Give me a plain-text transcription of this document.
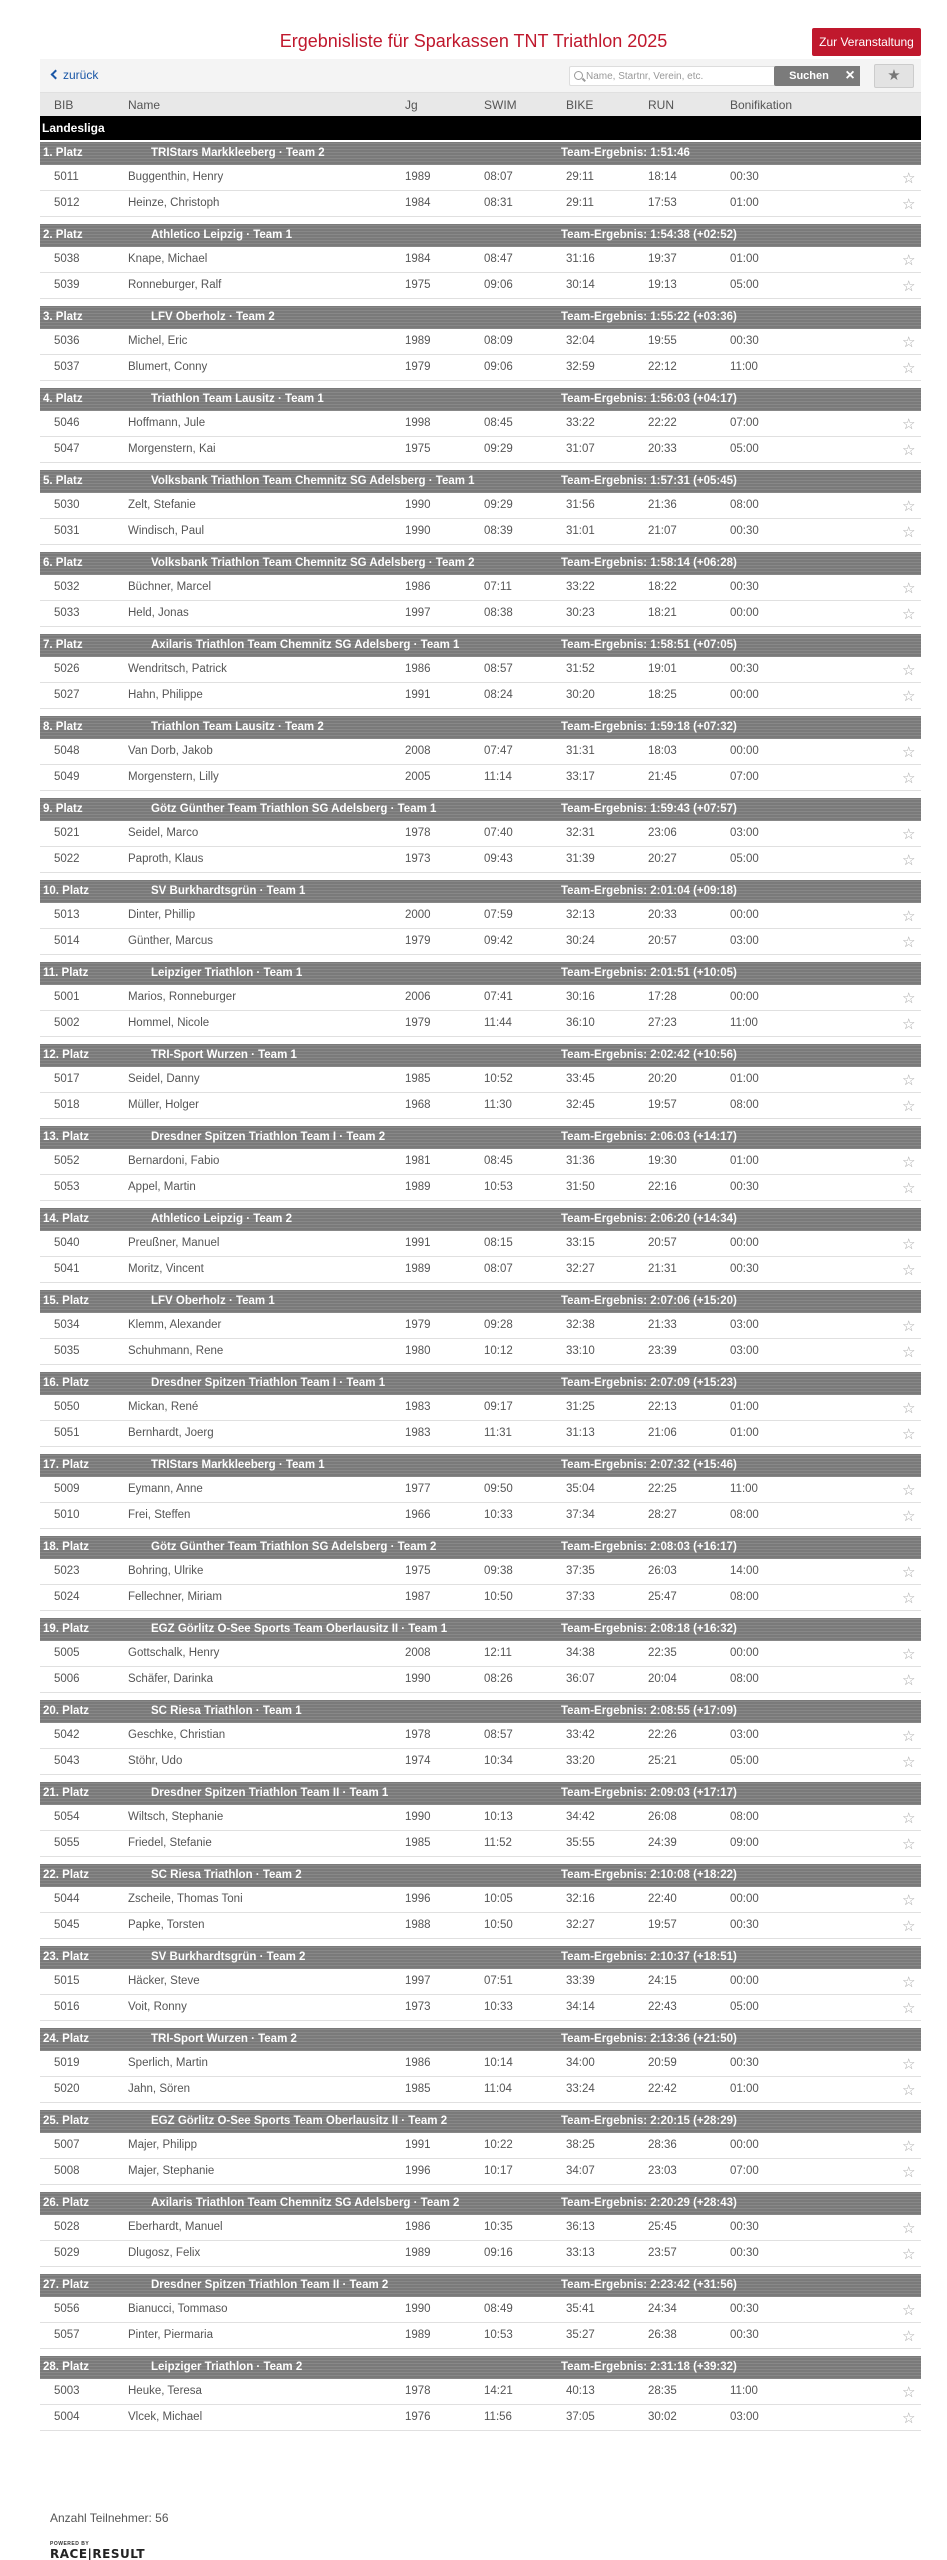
Ergebnisliste für Sparkassen TNT Triathlon 2025	Zur Veranstaltung
zurück
Name, Startnr, Verein, etc. suchen	Suchen	×	★
BIB	Name	Jg	SWIM	BIKE	RUN	Bonifikation
Landesliga
1. Platz	TRIStars Markkleeberg · Team 2	Team-Ergebnis: 1:51:46
5011	Buggenthin, Henry	1989	08:07	29:11	18:14	00:30	☆
5012	Heinze, Christoph	1984	08:31	29:11	17:53	01:00	☆
2. Platz	Athletico Leipzig · Team 1	Team-Ergebnis: 1:54:38 (+02:52)
5038	Knape, Michael	1984	08:47	31:16	19:37	01:00	☆
5039	Ronneburger, Ralf	1975	09:06	30:14	19:13	05:00	☆
3. Platz	LFV Oberholz · Team 2	Team-Ergebnis: 1:55:22 (+03:36)
5036	Michel, Eric	1989	08:09	32:04	19:55	00:30	☆
5037	Blumert, Conny	1979	09:06	32:59	22:12	11:00	☆
4. Platz	Triathlon Team Lausitz · Team 1	Team-Ergebnis: 1:56:03 (+04:17)
5046	Hoffmann, Jule	1998	08:45	33:22	22:22	07:00	☆
5047	Morgenstern, Kai	1975	09:29	31:07	20:33	05:00	☆
5. Platz	Volksbank Triathlon Team Chemnitz SG Adelsberg · Team 1	Team-Ergebnis: 1:57:31 (+05:45)
5030	Zelt, Stefanie	1990	09:29	31:56	21:36	08:00	☆
5031	Windisch, Paul	1990	08:39	31:01	21:07	00:30	☆
6. Platz	Volksbank Triathlon Team Chemnitz SG Adelsberg · Team 2	Team-Ergebnis: 1:58:14 (+06:28)
5032	Büchner, Marcel	1986	07:11	33:22	18:22	00:30	☆
5033	Held, Jonas	1997	08:38	30:23	18:21	00:00	☆
7. Platz	Axilaris Triathlon Team Chemnitz SG Adelsberg · Team 1	Team-Ergebnis: 1:58:51 (+07:05)
5026	Wendritsch, Patrick	1986	08:57	31:52	19:01	00:30	☆
5027	Hahn, Philippe	1991	08:24	30:20	18:25	00:00	☆
8. Platz	Triathlon Team Lausitz · Team 2	Team-Ergebnis: 1:59:18 (+07:32)
5048	Van Dorb, Jakob	2008	07:47	31:31	18:03	00:00	☆
5049	Morgenstern, Lilly	2005	11:14	33:17	21:45	07:00	☆
9. Platz	Götz Günther Team Triathlon SG Adelsberg · Team 1	Team-Ergebnis: 1:59:43 (+07:57)
5021	Seidel, Marco	1978	07:40	32:31	23:06	03:00	☆
5022	Paproth, Klaus	1973	09:43	31:39	20:27	05:00	☆
10. Platz	SV Burkhardtsgrün · Team 1	Team-Ergebnis: 2:01:04 (+09:18)
5013	Dinter, Phillip	2000	07:59	32:13	20:33	00:00	☆
5014	Günther, Marcus	1979	09:42	30:24	20:57	03:00	☆
11. Platz	Leipziger Triathlon · Team 1	Team-Ergebnis: 2:01:51 (+10:05)
5001	Marios, Ronneburger	2006	07:41	30:16	17:28	00:00	☆
5002	Hommel, Nicole	1979	11:44	36:10	27:23	11:00	☆
12. Platz	TRI-Sport Wurzen · Team 1	Team-Ergebnis: 2:02:42 (+10:56)
5017	Seidel, Danny	1985	10:52	33:45	20:20	01:00	☆
5018	Müller, Holger	1968	11:30	32:45	19:57	08:00	☆
13. Platz	Dresdner Spitzen Triathlon Team I · Team 2	Team-Ergebnis: 2:06:03 (+14:17)
5052	Bernardoni, Fabio	1981	08:45	31:36	19:30	01:00	☆
5053	Appel, Martin	1989	10:53	31:50	22:16	00:30	☆
14. Platz	Athletico Leipzig · Team 2	Team-Ergebnis: 2:06:20 (+14:34)
5040	Preußner, Manuel	1991	08:15	33:15	20:57	00:00	☆
5041	Moritz, Vincent	1989	08:07	32:27	21:31	00:30	☆
15. Platz	LFV Oberholz · Team 1	Team-Ergebnis: 2:07:06 (+15:20)
5034	Klemm, Alexander	1979	09:28	32:38	21:33	03:00	☆
5035	Schuhmann, Rene	1980	10:12	33:10	23:39	03:00	☆
16. Platz	Dresdner Spitzen Triathlon Team I · Team 1	Team-Ergebnis: 2:07:09 (+15:23)
5050	Mickan, René	1983	09:17	31:25	22:13	01:00	☆
5051	Bernhardt, Joerg	1983	11:31	31:13	21:06	01:00	☆
17. Platz	TRIStars Markkleeberg · Team 1	Team-Ergebnis: 2:07:32 (+15:46)
5009	Eymann, Anne	1977	09:50	35:04	22:25	11:00	☆
5010	Frei, Steffen	1966	10:33	37:34	28:27	08:00	☆
18. Platz	Götz Günther Team Triathlon SG Adelsberg · Team 2	Team-Ergebnis: 2:08:03 (+16:17)
5023	Bohring, Ulrike	1975	09:38	37:35	26:03	14:00	☆
5024	Fellechner, Miriam	1987	10:50	37:33	25:47	08:00	☆
19. Platz	EGZ Görlitz O-See Sports Team Oberlausitz II · Team 1	Team-Ergebnis: 2:08:18 (+16:32)
5005	Gottschalk, Henry	2008	12:11	34:38	22:35	00:00	☆
5006	Schäfer, Darinka	1990	08:26	36:07	20:04	08:00	☆
20. Platz	SC Riesa Triathlon · Team 1	Team-Ergebnis: 2:08:55 (+17:09)
5042	Geschke, Christian	1978	08:57	33:42	22:26	03:00	☆
5043	Stöhr, Udo	1974	10:34	33:20	25:21	05:00	☆
21. Platz	Dresdner Spitzen Triathlon Team II · Team 1	Team-Ergebnis: 2:09:03 (+17:17)
5054	Wiltsch, Stephanie	1990	10:13	34:42	26:08	08:00	☆
5055	Friedel, Stefanie	1985	11:52	35:55	24:39	09:00	☆
22. Platz	SC Riesa Triathlon · Team 2	Team-Ergebnis: 2:10:08 (+18:22)
5044	Zscheile, Thomas Toni	1996	10:05	32:16	22:40	00:00	☆
5045	Papke, Torsten	1988	10:50	32:27	19:57	00:30	☆
23. Platz	SV Burkhardtsgrün · Team 2	Team-Ergebnis: 2:10:37 (+18:51)
5015	Häcker, Steve	1997	07:51	33:39	24:15	00:00	☆
5016	Voit, Ronny	1973	10:33	34:14	22:43	05:00	☆
24. Platz	TRI-Sport Wurzen · Team 2	Team-Ergebnis: 2:13:36 (+21:50)
5019	Sperlich, Martin	1986	10:14	34:00	20:59	00:30	☆
5020	Jahn, Sören	1985	11:04	33:24	22:42	01:00	☆
25. Platz	EGZ Görlitz O-See Sports Team Oberlausitz II · Team 2	Team-Ergebnis: 2:20:15 (+28:29)
5007	Majer, Philipp	1991	10:22	38:25	28:36	00:00	☆
5008	Majer, Stephanie	1996	10:17	34:07	23:03	07:00	☆
26. Platz	Axilaris Triathlon Team Chemnitz SG Adelsberg · Team 2	Team-Ergebnis: 2:20:29 (+28:43)
5028	Eberhardt, Manuel	1986	10:35	36:13	25:45	00:30	☆
5029	Dlugosz, Felix	1989	09:16	33:13	23:57	00:30	☆
27. Platz	Dresdner Spitzen Triathlon Team II · Team 2	Team-Ergebnis: 2:23:42 (+31:56)
5056	Bianucci, Tommaso	1990	08:49	35:41	24:34	00:30	☆
5057	Pinter, Piermaria	1989	10:53	35:27	26:38	00:30	☆
28. Platz	Leipziger Triathlon · Team 2	Team-Ergebnis: 2:31:18 (+39:32)
5003	Heuke, Teresa	1978	14:21	40:13	28:35	11:00	☆
5004	Vlcek, Michael	1976	11:56	37:05	30:02	03:00	☆
Anzahl Teilnehmer: 56
POWERED BY
RACE|RESULT
